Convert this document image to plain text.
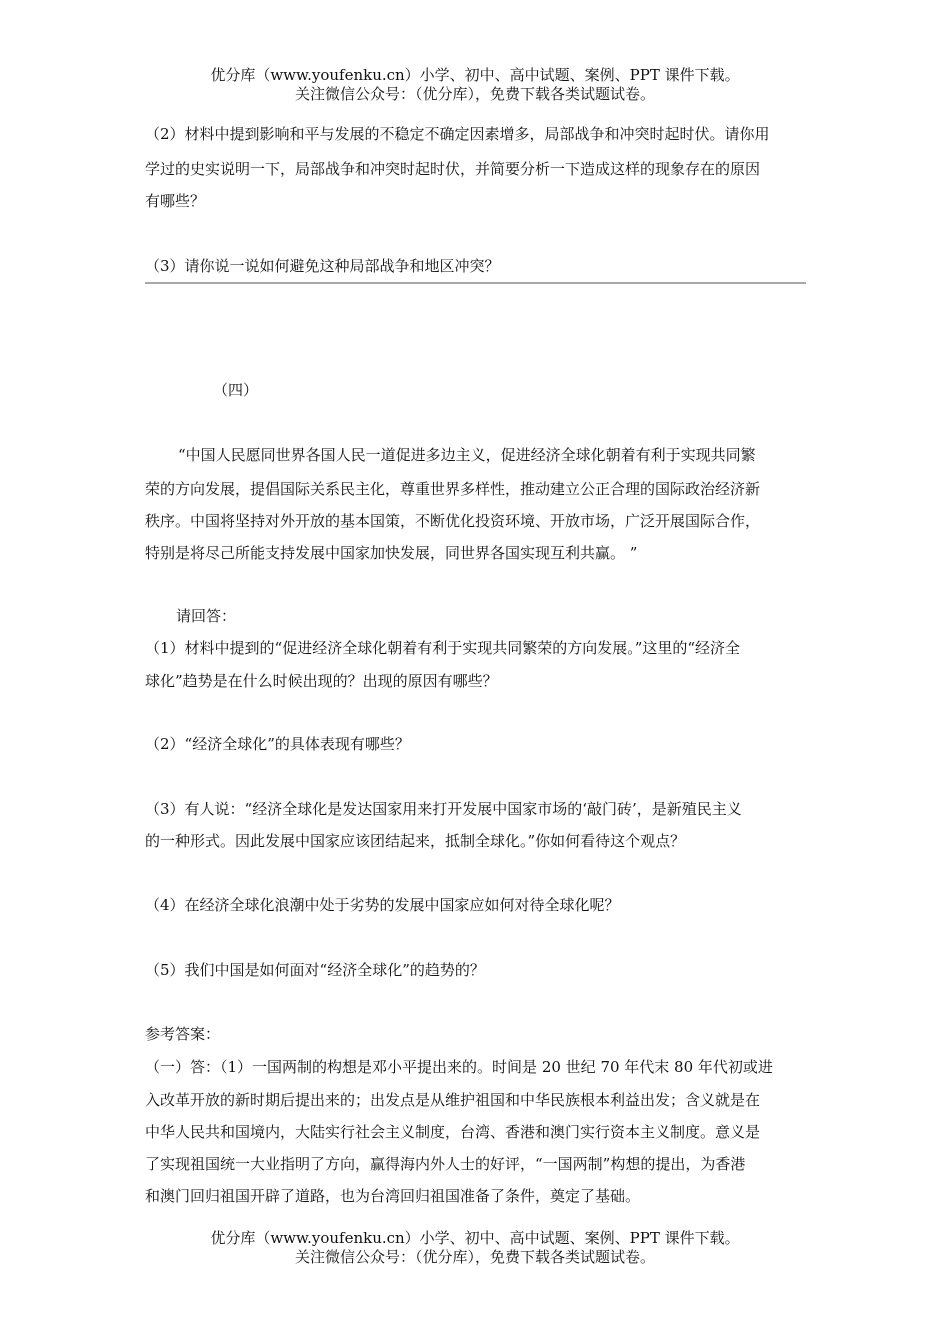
优分库（www.youfenku.cn）小学、初中、高中试题、案例、PPT 课件下载。
关注微信公众号：（优分库），免费下载各类试题试卷。
（2）材料中提到影响和平与发展的不稳定不确定因素增多，局部战争和冲突时起时伏。请你用
学过的史实说明一下，局部战争和冲突时起时伏，并简要分析一下造成这样的现象存在的原因
有哪些？
（3）请你说一说如何避免这种局部战争和地区冲突？
（四）
“中国人民愿同世界各国人民一道促进多边主义，促进经济全球化朝着有利于实现共同繁
荣的方向发展，提倡国际关系民主化，尊重世界多样性，推动建立公正合理的国际政治经济新
秩序。中国将坚持对外开放的基本国策，不断优化投资环境、开放市场，广泛开展国际合作，
特别是将尽己所能支持发展中国家加快发展，同世界各国实现互利共赢。 ”
请回答：
（1）材料中提到的“促进经济全球化朝着有利于实现共同繁荣的方向发展。”这里的“经济全
球化”趋势是在什么时候出现的？出现的原因有哪些？
（2）“经济全球化”的具体表现有哪些？
（3）有人说：“经济全球化是发达国家用来打开发展中国家市场的‘敲门砖’，是新殖民主义
的一种形式。因此发展中国家应该团结起来，抵制全球化。”你如何看待这个观点？
（4）在经济全球化浪潮中处于劣势的发展中国家应如何对待全球化呢？
（5）我们中国是如何面对“经济全球化”的趋势的？
参考答案：
（一）答：（1）一国两制的构想是邓小平提出来的。时间是 20 世纪 70 年代末 80 年代初或进
入改革开放的新时期后提出来的；出发点是从维护祖国和中华民族根本利益出发；含义就是在
中华人民共和国境内，大陆实行社会主义制度，台湾、香港和澳门实行资本主义制度。意义是
了实现祖国统一大业指明了方向，赢得海内外人士的好评，“一国两制”构想的提出，为香港
和澳门回归祖国开辟了道路，也为台湾回归祖国准备了条件，奠定了基础。
优分库（www.youfenku.cn）小学、初中、高中试题、案例、PPT 课件下载。
关注微信公众号：（优分库），免费下载各类试题试卷。
